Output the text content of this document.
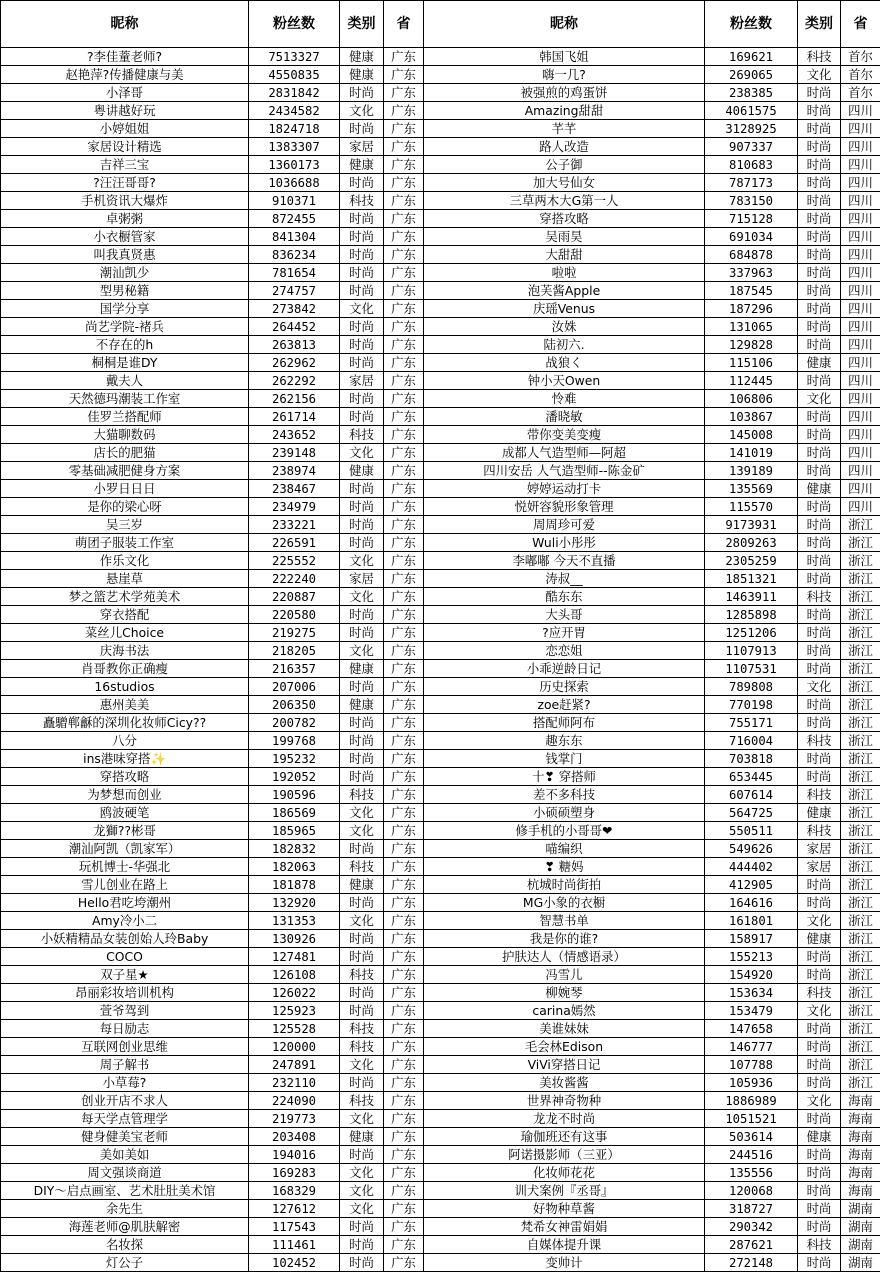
昵称	粉丝数	类别	省	昵称	粉丝数	类别	省
?李佳蕫老师?	7513327	健康	广东	韩国飞姐	169621	科技	首尔
赵艳萍?传播健康与美	4550835	健康	广东	嗨一几?	269065	文化	首尔
小泽哥	2831842	时尚	广东	被强煎的鸡蛋饼	238385	时尚	首尔
粤讲越好玩	2434582	文化	广东	Amazing甜甜	4061575	时尚	四川
小婷姐姐	1824718	时尚	广东	芊芊	3128925	时尚	四川
家居设计精选	1383307	家居	广东	路人改造	907337	时尚	四川
吉祥三宝	1360173	健康	广东	公子御	810683	时尚	四川
?汪汪哥哥?	1036688	时尚	广东	加大号仙女	787173	时尚	四川
手机资讯大爆炸	910371	科技	广东	三草两木大G第一人	783150	时尚	四川
卓粥粥	872455	时尚	广东	穿搭攻略	715128	时尚	四川
小衣橱管家	841304	时尚	广东	吴雨昊	691034	时尚	四川
叫我真贤惠	836234	时尚	广东	大甜甜	684878	时尚	四川
潮汕凯少	781654	时尚	广东	啦啦	337963	时尚	四川
型男秘籍	274757	时尚	广东	泡芙酱Apple	187545	时尚	四川
国学分享	273842	文化	广东	庆瑶Venus	187296	时尚	四川
尚艺学院-褚兵	264452	时尚	广东	汝姝	131065	时尚	四川
不存在的h	263813	时尚	广东	陆初六.	129828	时尚	四川
桐桐是谁DY	262962	时尚	广东	战狼く	115106	健康	四川
戴夫人	262292	家居	广东	钟小天Owen	112445	时尚	四川
天然德玛潮装工作室	262156	时尚	广东	怜难	106806	文化	四川
佳罗兰搭配师	261714	时尚	广东	潘晓敏	103867	时尚	四川
大猫聊数码	243652	科技	广东	带你变美变瘦	145008	时尚	四川
店长的肥猫	239148	文化	广东	成都人气造型师—阿超	141019	时尚	四川
零基础减肥健身方案	238974	健康	广东	四川安岳 人气造型师--陈金矿	139189	时尚	四川
小罗日日日	238467	时尚	广东	婷婷运动打卡	135569	健康	四川
是你的梁心呀	234979	时尚	广东	悦妍容貌形象管理	115570	时尚	四川
吴三岁	233221	时尚	广东	周周珍可爱	9173931	时尚	浙江
萌团子服装工作室	226591	时尚	广东	Wuli小彤彤	2809263	时尚	浙江
作乐文化	225552	文化	广东	李嘟嘟 今天不直播	2305259	时尚	浙江
悬崖草	222240	家居	广东	涛叔__	1851321	时尚	浙江
梦之篮艺术学苑美术	220887	文化	广东	酷东东	1463911	科技	浙江
穿衣搭配	220580	时尚	广东	大头哥	1285898	时尚	浙江
菜丝儿Choice	219275	时尚	广东	?应开胃	1251206	时尚	浙江
庆海书法	218205	文化	广东	恋恋姐	1107913	时尚	浙江
肖哥教你正确瘦	216357	健康	广东	小乖逆龄日记	1107531	时尚	浙江
16studios	207006	时尚	广东	历史探索	789808	文化	浙江
惠州美美	206350	健康	广东	zoe赶紧?	770198	时尚	浙江
矗驓郸龢的深圳化妆师Cicy??	200782	时尚	广东	搭配师阿布	755171	时尚	浙江
八分	199768	时尚	广东	趣东东	716004	科技	浙江
ins港味穿搭✨	195232	时尚	广东	钱掌门	703818	时尚	浙江
穿搭攻略	192052	时尚	广东	十❣ 穿搭师	653445	时尚	浙江
为梦想而创业	190596	科技	广东	差不多科技	607614	科技	浙江
鸥波硬笔	186569	文化	广东	小硕硕塑身	564725	健康	浙江
龙獅??彬哥	185965	文化	广东	修手机的小哥哥❤	550511	科技	浙江
潮汕阿凯（凯家军）	182832	时尚	广东	喵编织	549626	家居	浙江
玩机博士-华强北	182063	科技	广东	❣ 糖妈	444402	家居	浙江
雪儿创业在路上	181878	健康	广东	杭城时尚街拍	412905	时尚	浙江
Hello君吃垮潮州	132920	时尚	广东	MG小象的衣橱	164616	时尚	浙江
Amy冷小二	131353	文化	广东	智慧书单	161801	文化	浙江
小妖精精品女装创始人玲Baby	130926	时尚	广东	我是你的谁?	158917	健康	浙江
COCO	127481	时尚	广东	护肤达人（情感语录）	155213	时尚	浙江
双子星★	126108	科技	广东	冯雪儿	154920	时尚	浙江
昂丽彩妆培训机构	126022	时尚	广东	柳婉琴	153634	科技	浙江
萱爷驾到	125923	时尚	广东	carina嫣然	153479	文化	浙江
每日励志	125528	科技	广东	美谁妹妹	147658	时尚	浙江
互联网创业思维	120000	科技	广东	毛会林Edison	146777	时尚	浙江
周子解书	247891	文化	广东	ViVi穿搭日记	107788	时尚	浙江
小草莓?	232110	时尚	广东	美妆酱酱	105936	时尚	浙江
创业开店不求人	224090	科技	广东	世界神奇物种	1886989	文化	海南
每天学点管理学	219773	文化	广东	龙龙不时尚	1051521	时尚	海南
健身健美宝老师	203408	健康	广东	瑜伽班还有这事	503614	健康	海南
美如美如	194016	时尚	广东	阿诺摄影师（三亚）	244516	时尚	海南
周文强谈商道	169283	文化	广东	化妆师花花	135556	时尚	海南
DIY～启点画室、艺术肚肚美术馆	168329	文化	广东	训犬案例『丞哥』	120068	时尚	海南
余先生	127612	文化	广东	好物种草酱	318727	时尚	湖南
海莲老师@肌肤解密	117543	时尚	广东	梵希女神雷娟娟	290342	时尚	湖南
名妆探	111461	时尚	广东	自媒体提升课	287621	科技	湖南
灯公子	102452	时尚	广东	变帅计	272148	时尚	湖南
